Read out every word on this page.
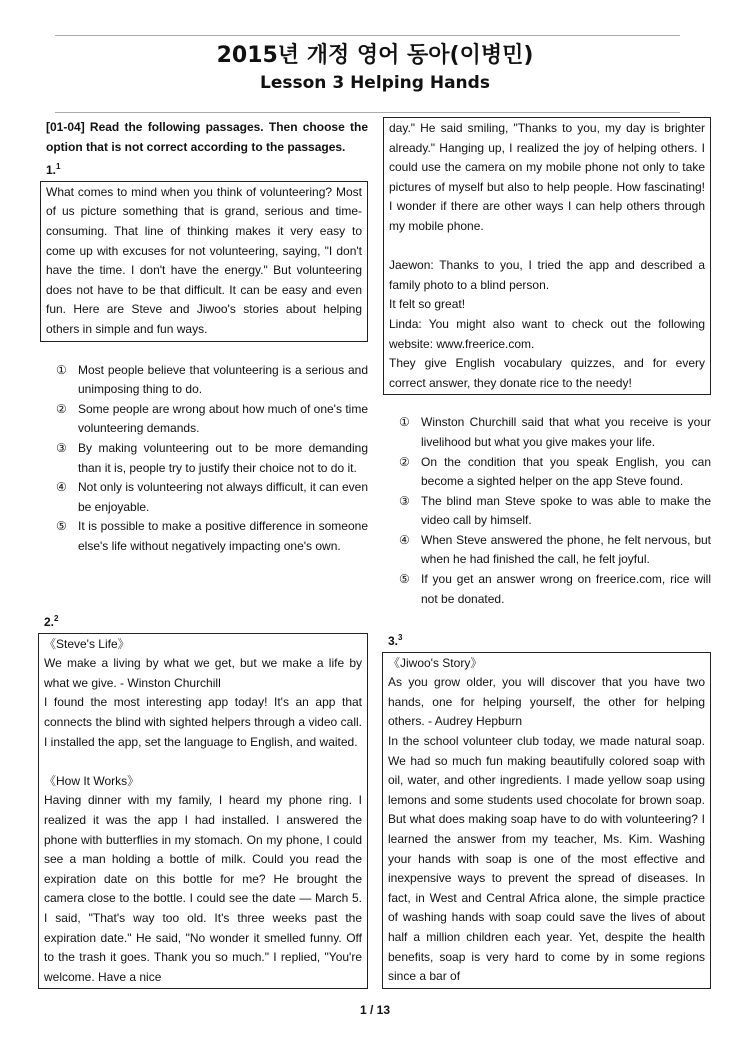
2015년 개정 영어 동아(이병민)
Lesson 3 Helping Hands
[01-04] Read the following passages. Then choose the option that is not correct according to the passages.
1.$^1$

What comes to mind when you think of volunteering? Most of us picture something that is grand, serious and time-consuming. That line of thinking makes it very easy to come up with excuses for not volunteering, saying, "I don't have the time. I don't have the energy." But volunteering does not have to be that difficult. It can be easy and even fun. Here are Steve and Jiwoo's stories about helping others in simple and fun ways.

① Most people believe that volunteering is a serious and unimposing thing to do.
② Some people are wrong about how much of one's time volunteering demands.
③ By making volunteering out to be more demanding than it is, people try to justify their choice not to do it.
④ Not only is volunteering not always difficult, it can even be enjoyable.
⑤ It is possible to make a positive difference in someone else's life without negatively impacting one's own.
2.$^2$

《Steve's Life》

We make a living by what we get, but we make a life by what we give. - Winston Churchill

I found the most interesting app today! It's an app that connects the blind with sighted helpers through a video call. I installed the app, set the language to English, and waited.

《How It Works》

Having dinner with my family, I heard my phone ring. I realized it was the app I had installed. I answered the phone with butterflies in my stomach. On my phone, I could see a man holding a bottle of milk. Could you read the expiration date on this bottle for me? He brought the camera close to the bottle. I could see the date — March 5. I said, "That's way too old. It's three weeks past the expiration date." He said, "No wonder it smelled funny. Off to the trash it goes. Thank you so much." I replied, "You're welcome. Have a nice

day." He said smiling, "Thanks to you, my day is brighter already." Hanging up, I realized the joy of helping others. I could use the camera on my mobile phone not only to take pictures of myself but also to help people. How fascinating! I wonder if there are other ways I can help others through my mobile phone.

Jaewon: Thanks to you, I tried the app and described a family photo to a blind person.

It felt so great!

Linda: You might also want to check out the following website: www.freerice.com.

They give English vocabulary quizzes, and for every correct answer, they donate rice to the needy!

① Winston Churchill said that what you receive is your livelihood but what you give makes your life.
② On the condition that you speak English, you can become a sighted helper on the app Steve found.
③ The blind man Steve spoke to was able to make the video call by himself.
④ When Steve answered the phone, he felt nervous, but when he had finished the call, he felt joyful.
⑤ If you get an answer wrong on freerice.com, rice will not be donated.
3.$^3$

《Jiwoo's Story》

As you grow older, you will discover that you have two hands, one for helping yourself, the other for helping others. - Audrey Hepburn

In the school volunteer club today, we made natural soap. We had so much fun making beautifully colored soap with oil, water, and other ingredients. I made yellow soap using lemons and some students used chocolate for brown soap. But what does making soap have to do with volunteering? I learned the answer from my teacher, Ms. Kim. Washing your hands with soap is one of the most effective and inexpensive ways to prevent the spread of diseases. In fact, in West and Central Africa alone, the simple practice of washing hands with soap could save the lives of about half a million children each year. Yet, despite the health benefits, soap is very hard to come by in some regions since a bar of

1 / 13
